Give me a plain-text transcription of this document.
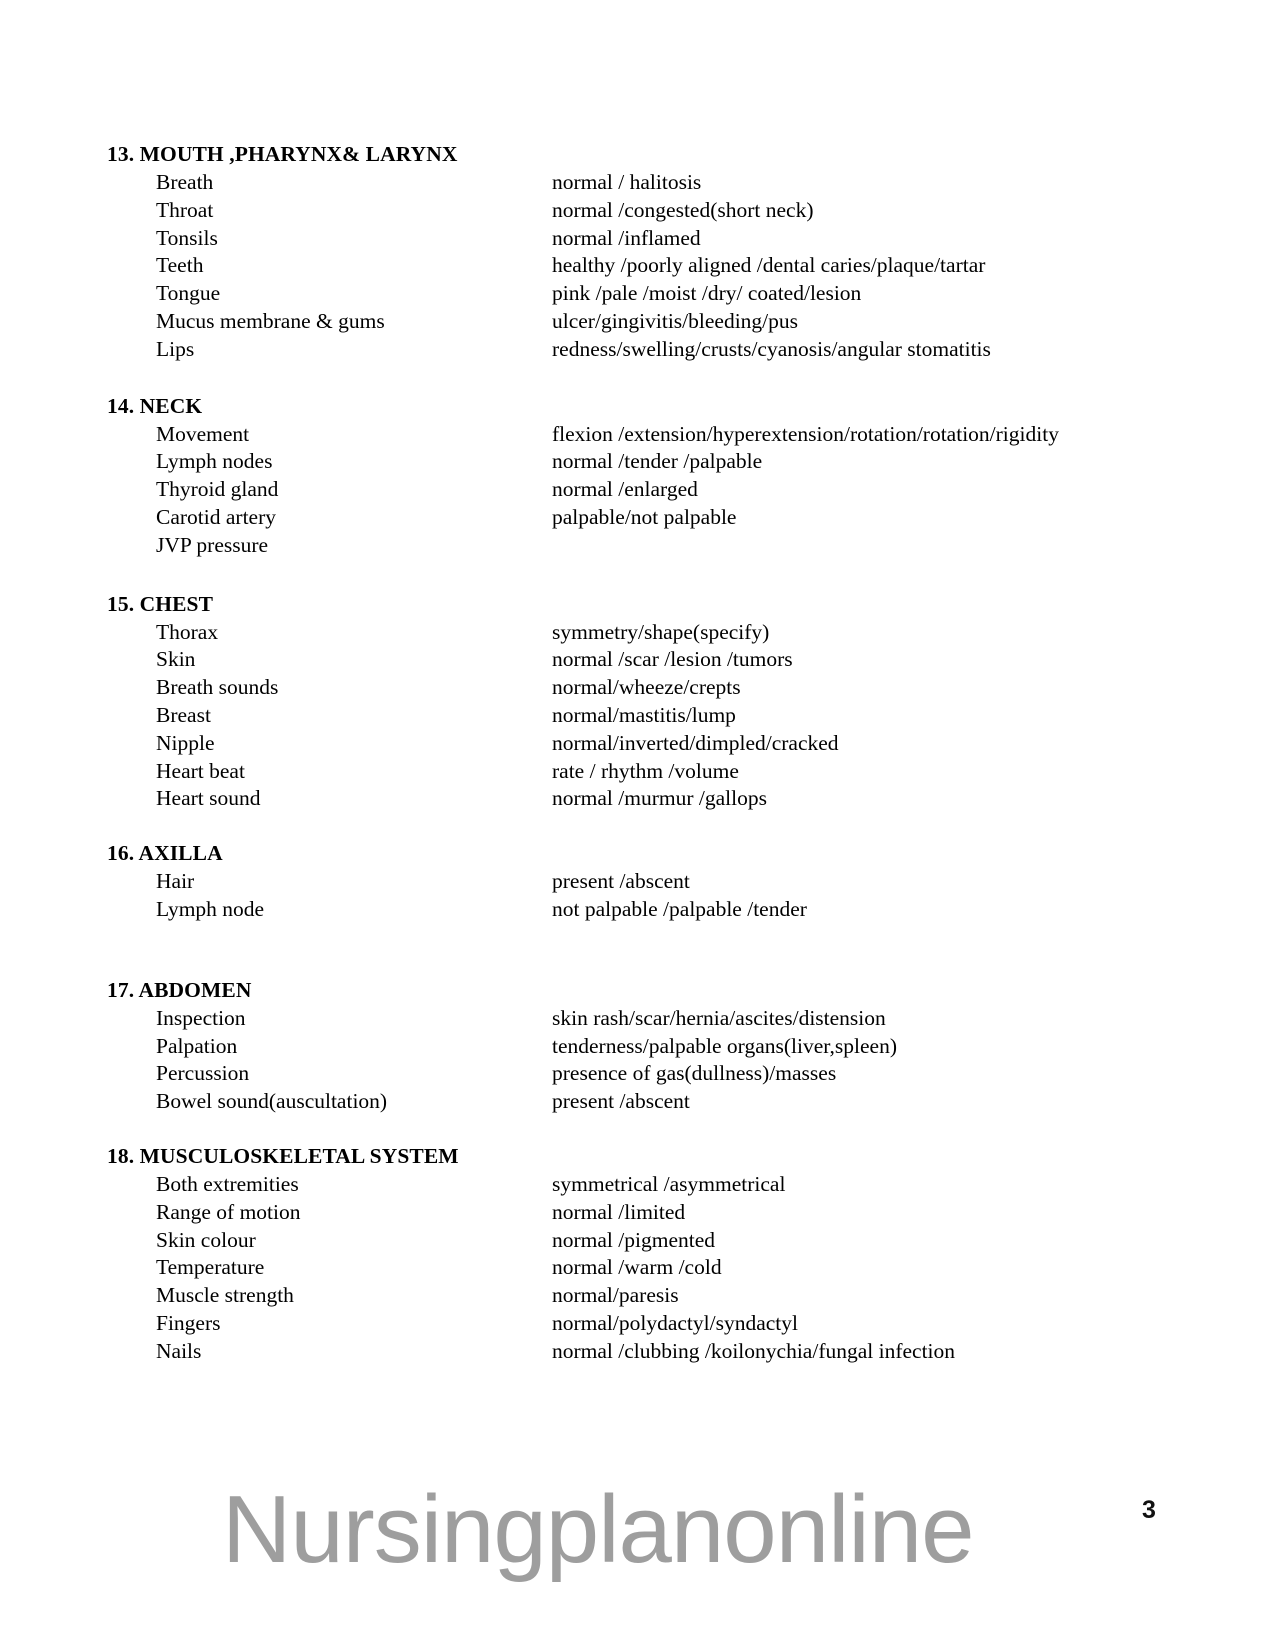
13. MOUTH ,PHARYNX& LARYNX
Breath	normal / halitosis
Throat	normal /congested(short neck)
Tonsils	normal /inflamed
Teeth	healthy /poorly aligned /dental caries/plaque/tartar
Tongue	pink /pale /moist /dry/ coated/lesion
Mucus membrane & gums	ulcer/gingivitis/bleeding/pus
Lips	redness/swelling/crusts/cyanosis/angular stomatitis
14. NECK
Movement	flexion /extension/hyperextension/rotation/rotation/rigidity
Lymph nodes	normal /tender /palpable
Thyroid gland	normal /enlarged
Carotid artery	palpable/not palpable
JVP pressure
15. CHEST
Thorax	symmetry/shape(specify)
Skin	normal /scar /lesion /tumors
Breath sounds	normal/wheeze/crepts
Breast	normal/mastitis/lump
Nipple	normal/inverted/dimpled/cracked
Heart beat	rate / rhythm /volume
Heart sound	normal /murmur /gallops
16. AXILLA
Hair	present /abscent
Lymph node	not palpable /palpable /tender
17. ABDOMEN
Inspection	skin rash/scar/hernia/ascites/distension
Palpation	tenderness/palpable organs(liver,spleen)
Percussion	presence of gas(dullness)/masses
Bowel sound(auscultation)	present /abscent
18. MUSCULOSKELETAL SYSTEM
Both extremities	symmetrical /asymmetrical
Range of motion	normal /limited
Skin colour	normal /pigmented
Temperature	normal /warm /cold
Muscle strength	normal/paresis
Fingers	normal/polydactyl/syndactyl
Nails	normal /clubbing /koilonychia/fungal infection
Nursingplanonline	3
